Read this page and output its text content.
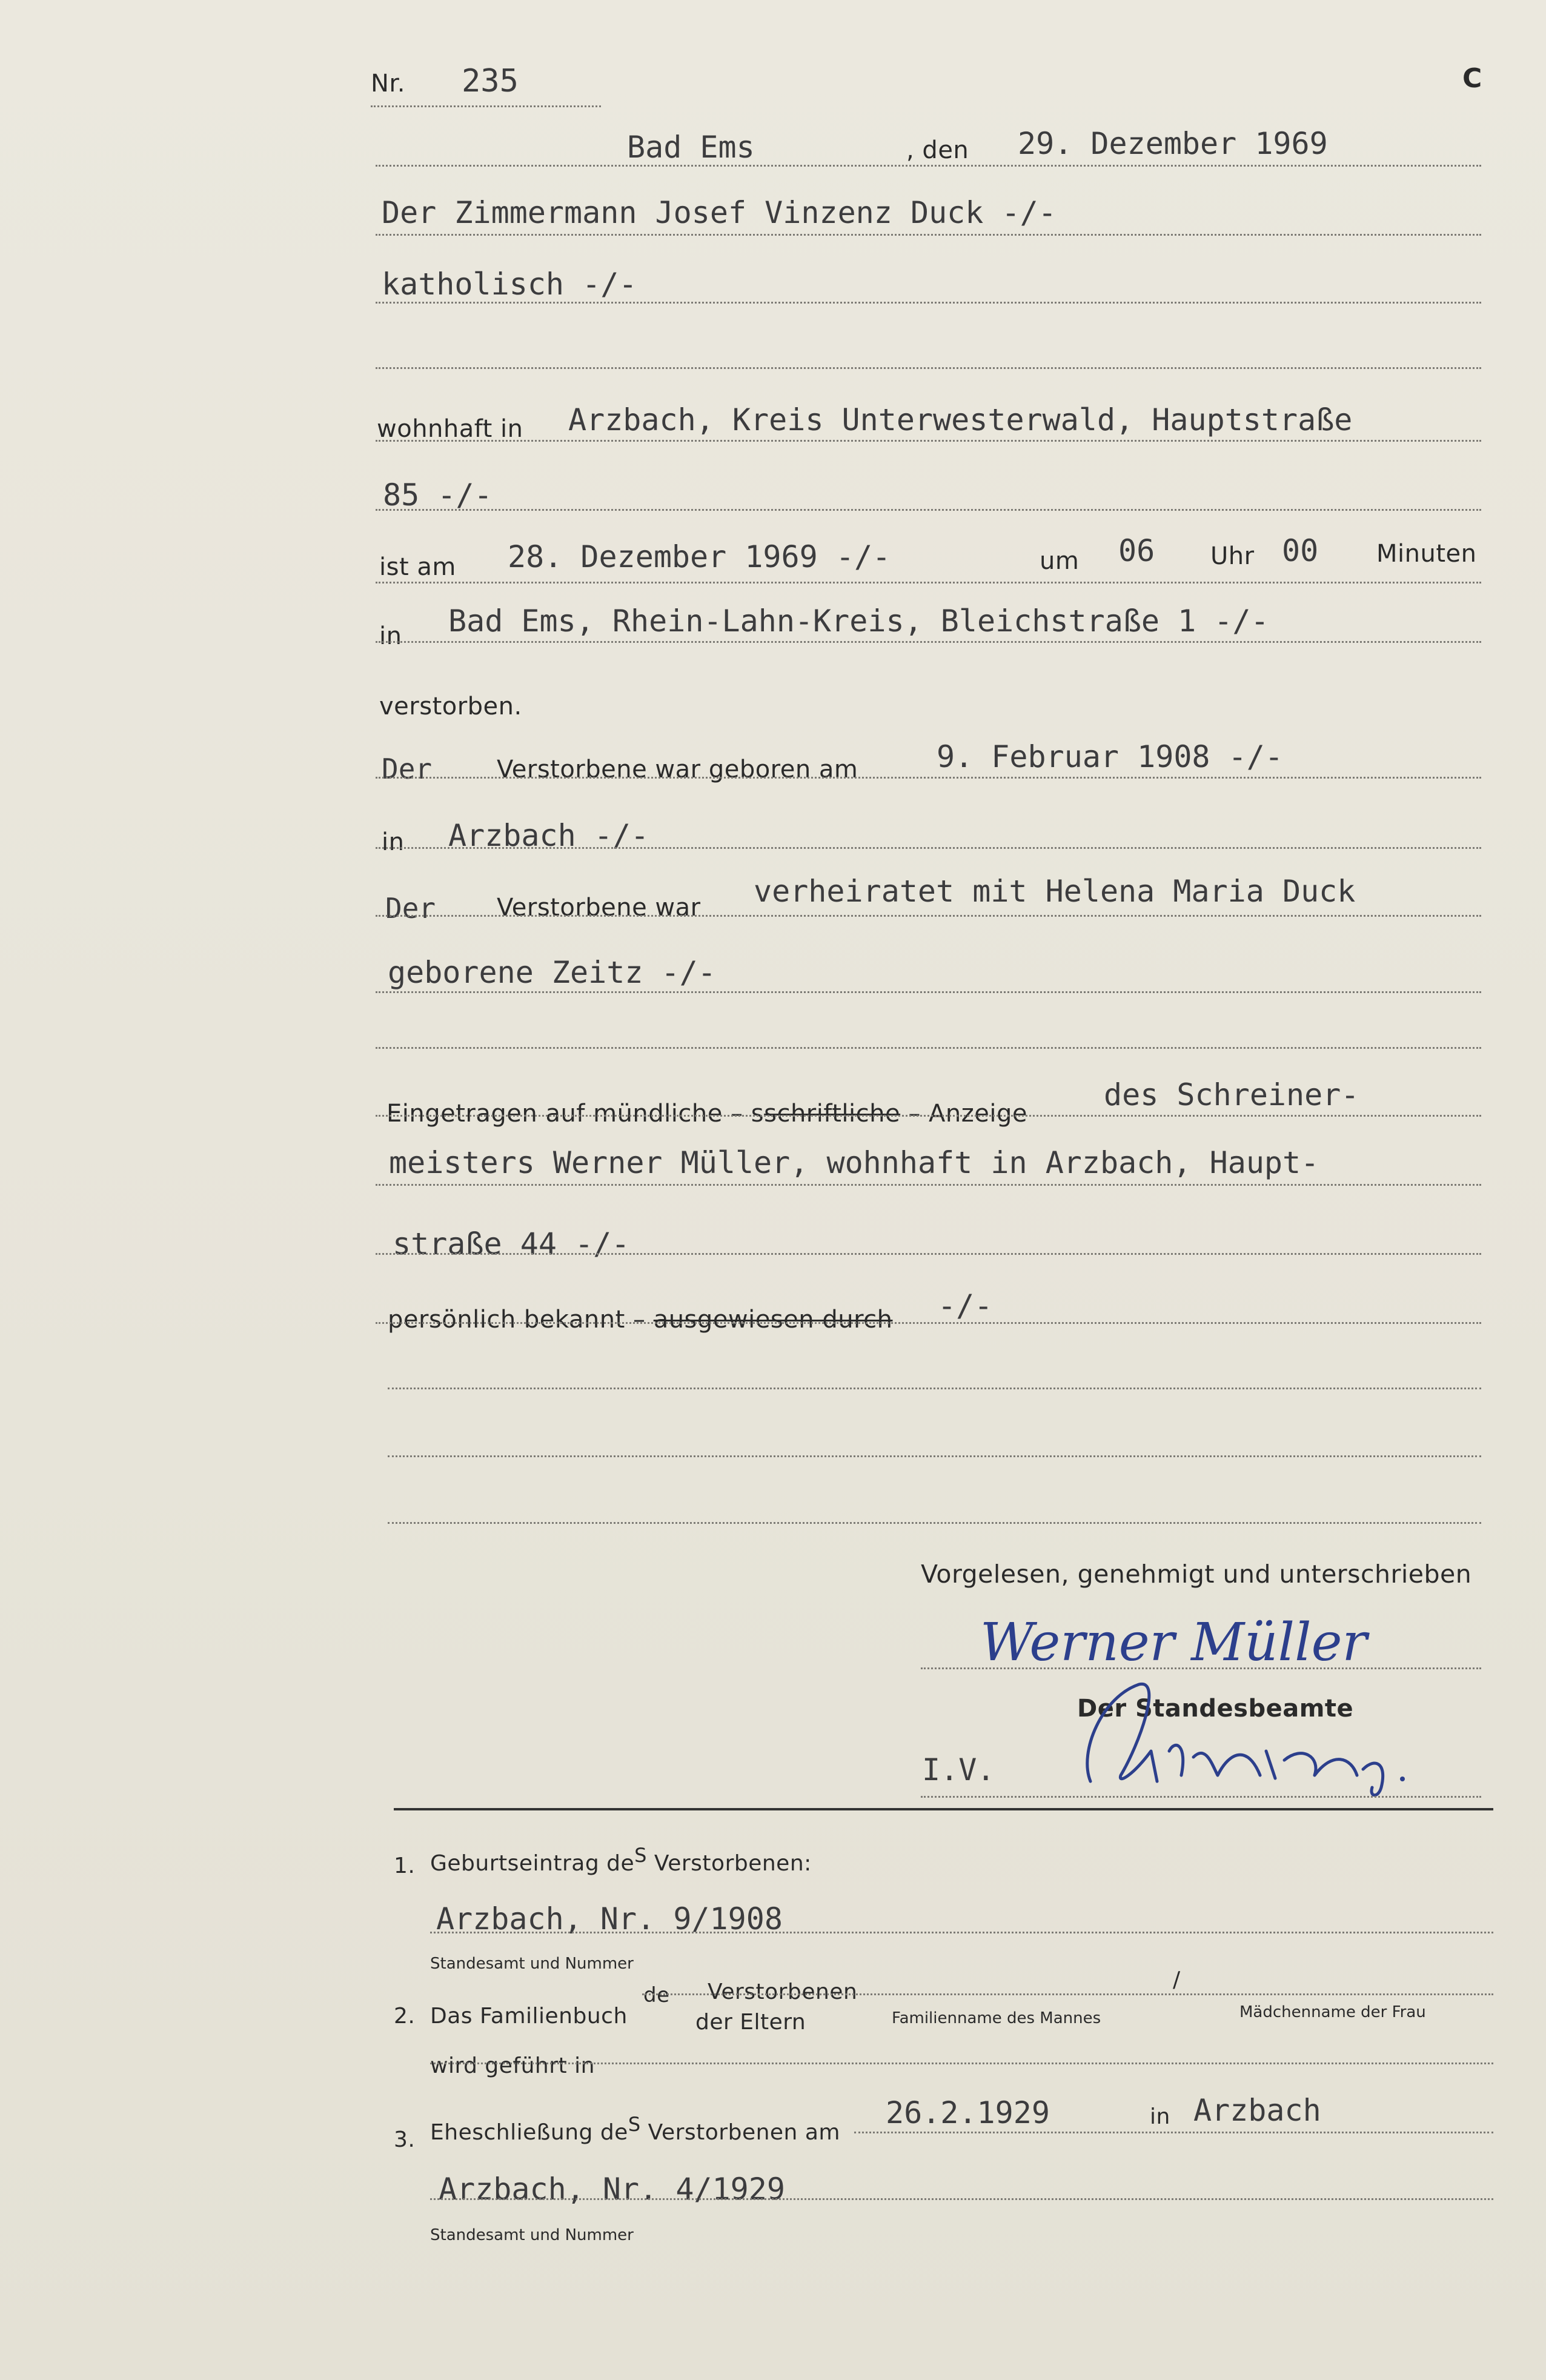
Nr. 235	C
Bad Ems	, den 29. Dezember 1969
Der Zimmermann Josef Vinzenz Duck -/-
katholisch -/-
wohnhaft in Arzbach, Kreis Unterwesterwald, Hauptstraße
85 -/-
ist am 28. Dezember 1969 -/-	um 06 Uhr 00 Minuten
in Bad Ems, Rhein-Lahn-Kreis, Bleichstraße 1 -/-
verstorben.
Der	Verstorbene war geboren am	9. Februar 1908 -/-
in Arzbach -/-
Der	Verstorbene war verheiratet mit Helena Maria Duck
geborene Zeitz -/-
Eingetragen auf mündliche – sschriftliche – Anzeige
des Schreiner-
meisters Werner Müller, wohnhaft in Arzbach, Haupt-
straße 44 -/-
persönlich bekannt – ausgewiesen durch -/-
Vorgelesen, genehmigt und unterschrieben
Werner Müller
Der Standesbeamte
I.V.
1. Geburtseintrag deS Verstorbenen:
Arzbach, Nr. 9/1908
Standesamt und Nummer
2. Das Familienbuch
de Verstorbenen
der Eltern
/
Familienname des Mannes	Mädchenname der Frau
wird geführt in
3. Eheschließung deS Verstorbenen am
26.2.1929	in Arzbach
Arzbach, Nr. 4/1929
Standesamt und Nummer
